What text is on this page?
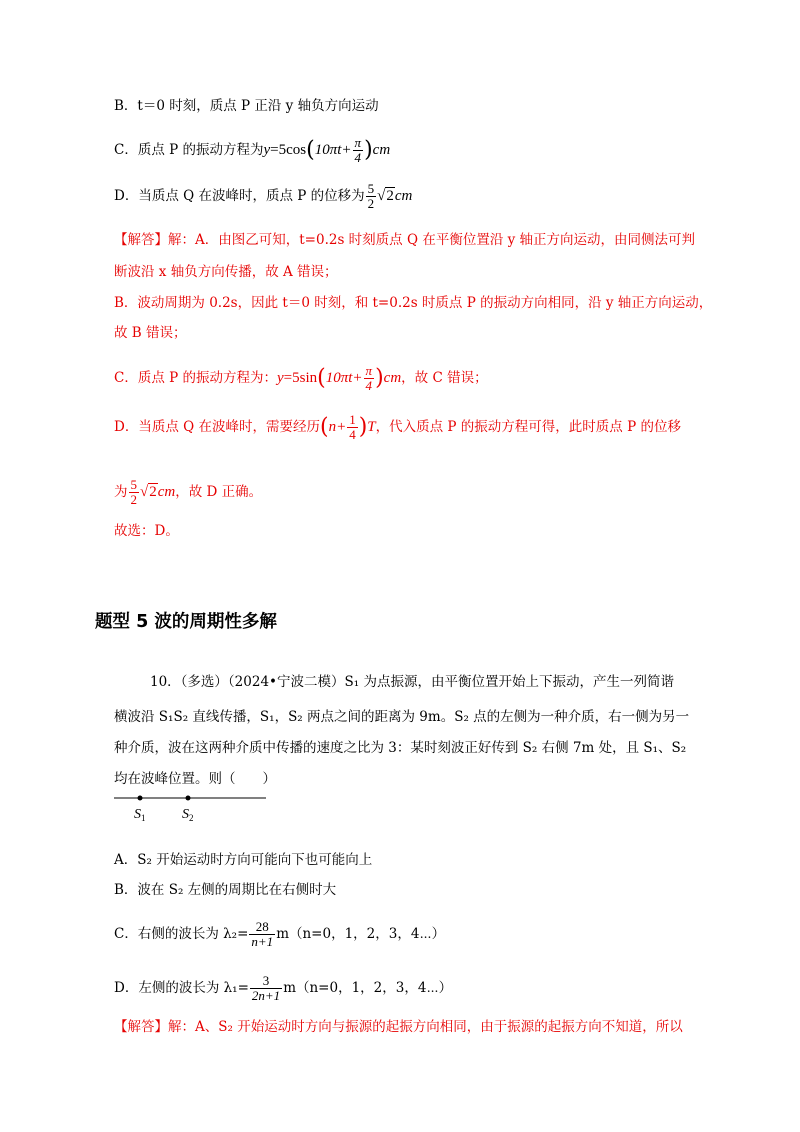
B．t＝0 时刻，质点 P 正沿 y 轴负方向运动
C．质点 P 的振动方程为$y=5\cos(10\pi t+ \frac{\pi}{4} )cm$
D．当质点 Q 在波峰时，质点 P 的位移为 $\frac{5}{2} √2cm$
【解答】解：A．由图乙可知，t=0.2s 时刻质点 Q 在平衡位置沿 y 轴正方向运动，由同侧法可判
断波沿 x 轴负方向传播，故 A 错误；
B．波动周期为 0.2s，因此 t＝0 时刻，和 t=0.2s 时质点 P 的振动方向相同，沿 y 轴正方向运动，
故 B 错误；
C．质点 P 的振动方程为：$y=5\sin(10\pi t+ \frac{\pi}{4} )cm$，故 C 错误；
D．当质点 Q 在波峰时，需要经历$(n+ \frac{1}{4} )T$，代入质点 P 的振动方程可得，此时质点 P 的位移
为 $\frac{5}{2} √2cm$，故 D 正确。
故选：D。
题型 5 波的周期性多解
10．（多选）（2024•宁波二模）S₁ 为点振源，由平衡位置开始上下振动，产生一列简谐
横波沿 S₁S₂ 直线传播，S₁，S₂ 两点之间的距离为 9m。S₂ 点的左侧为一种介质，右一侧为另一
种介质，波在这两种介质中传播的速度之比为 3：某时刻波正好传到 S₂ 右侧 7m 处，且 S₁、S₂
均在波峰位置。则（　　）
$S_1$	$S_2$
A．S₂ 开始运动时方向可能向下也可能向上
B．波在 S₂ 左侧的周期比在右侧时大
C．右侧的波长为 $\lambda_2= \frac{28}{n+1} m(n=0$，1，2，3，4⋯）
D．左侧的波长为 $\lambda_1= \frac{3}{2n+1} m(n=0$，1，2，3，4⋯）
【解答】解：A、S₂ 开始运动时方向与振源的起振方向相同，由于振源的起振方向不知道，所以
